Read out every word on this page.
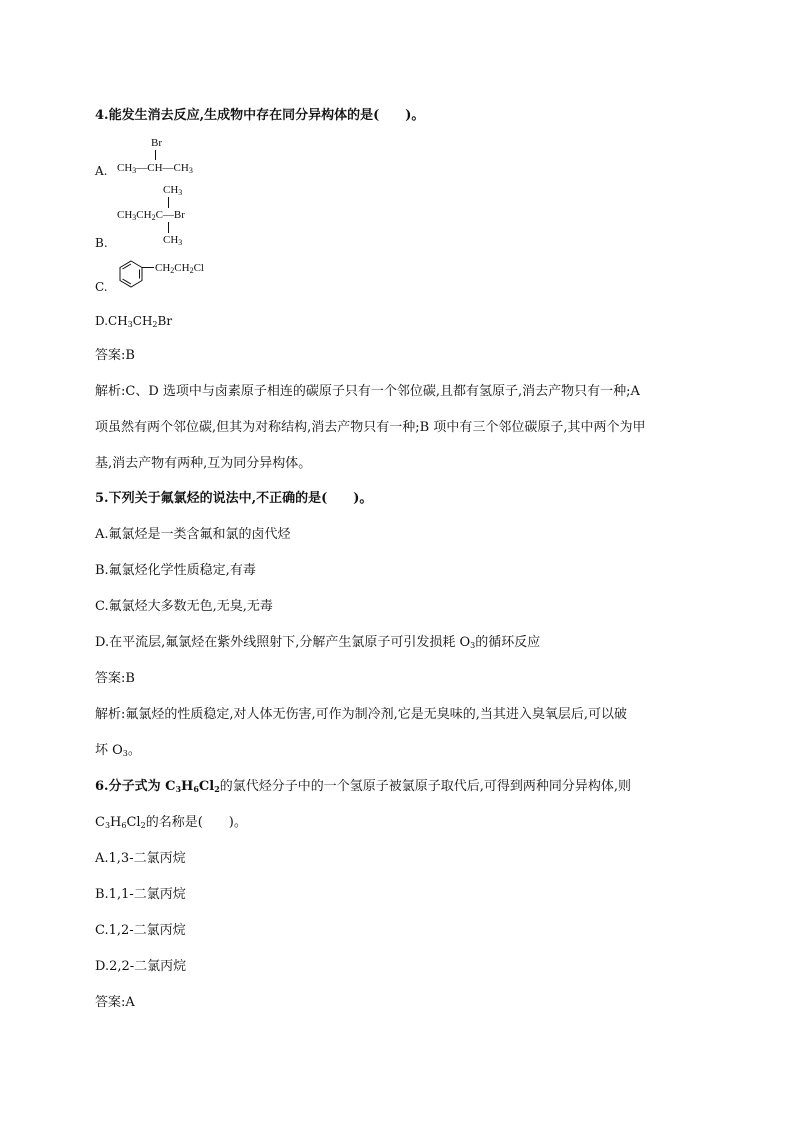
4.能发生消去反应,生成物中存在同分异构体的是(　　)。
Br
A. $CH_3—CH—CH_3$
$CH_3$
$CH_3CH_2C—Br$
$CH_3$
B.
$CH_2CH_2Cl$
C.
$D.CH_3CH_2Br$
答案:B
解析:C、D 选项中与卤素原子相连的碳原子只有一个邻位碳,且都有氢原子,消去产物只有一种;A
项虽然有两个邻位碳,但其为对称结构,消去产物只有一种;B 项中有三个邻位碳原子,其中两个为甲
基,消去产物有两种,互为同分异构体。
5.下列关于氟氯烃的说法中,不正确的是(　　)。
A.氟氯烃是一类含氟和氯的卤代烃
B.氟氯烃化学性质稳定,有毒
C.氟氯烃大多数无色,无臭,无毒
D.在平流层,氟氯烃在紫外线照射下,分解产生氯原子可引发损耗 $O_3$的循环反应
答案:B
解析:氟氯烃的性质稳定,对人体无伤害,可作为制冷剂,它是无臭味的,当其进入臭氧层后,可以破
坏 $O_3$。
6.分子式为 $C_3H_6Cl_2$的氯代烃分子中的一个氢原子被氯原子取代后,可得到两种同分异构体,则
$C_3H_6Cl_2$的名称是(　　)。
A.1,3-二氯丙烷
B.1,1-二氯丙烷
C.1,2-二氯丙烷
D.2,2-二氯丙烷
答案:A
